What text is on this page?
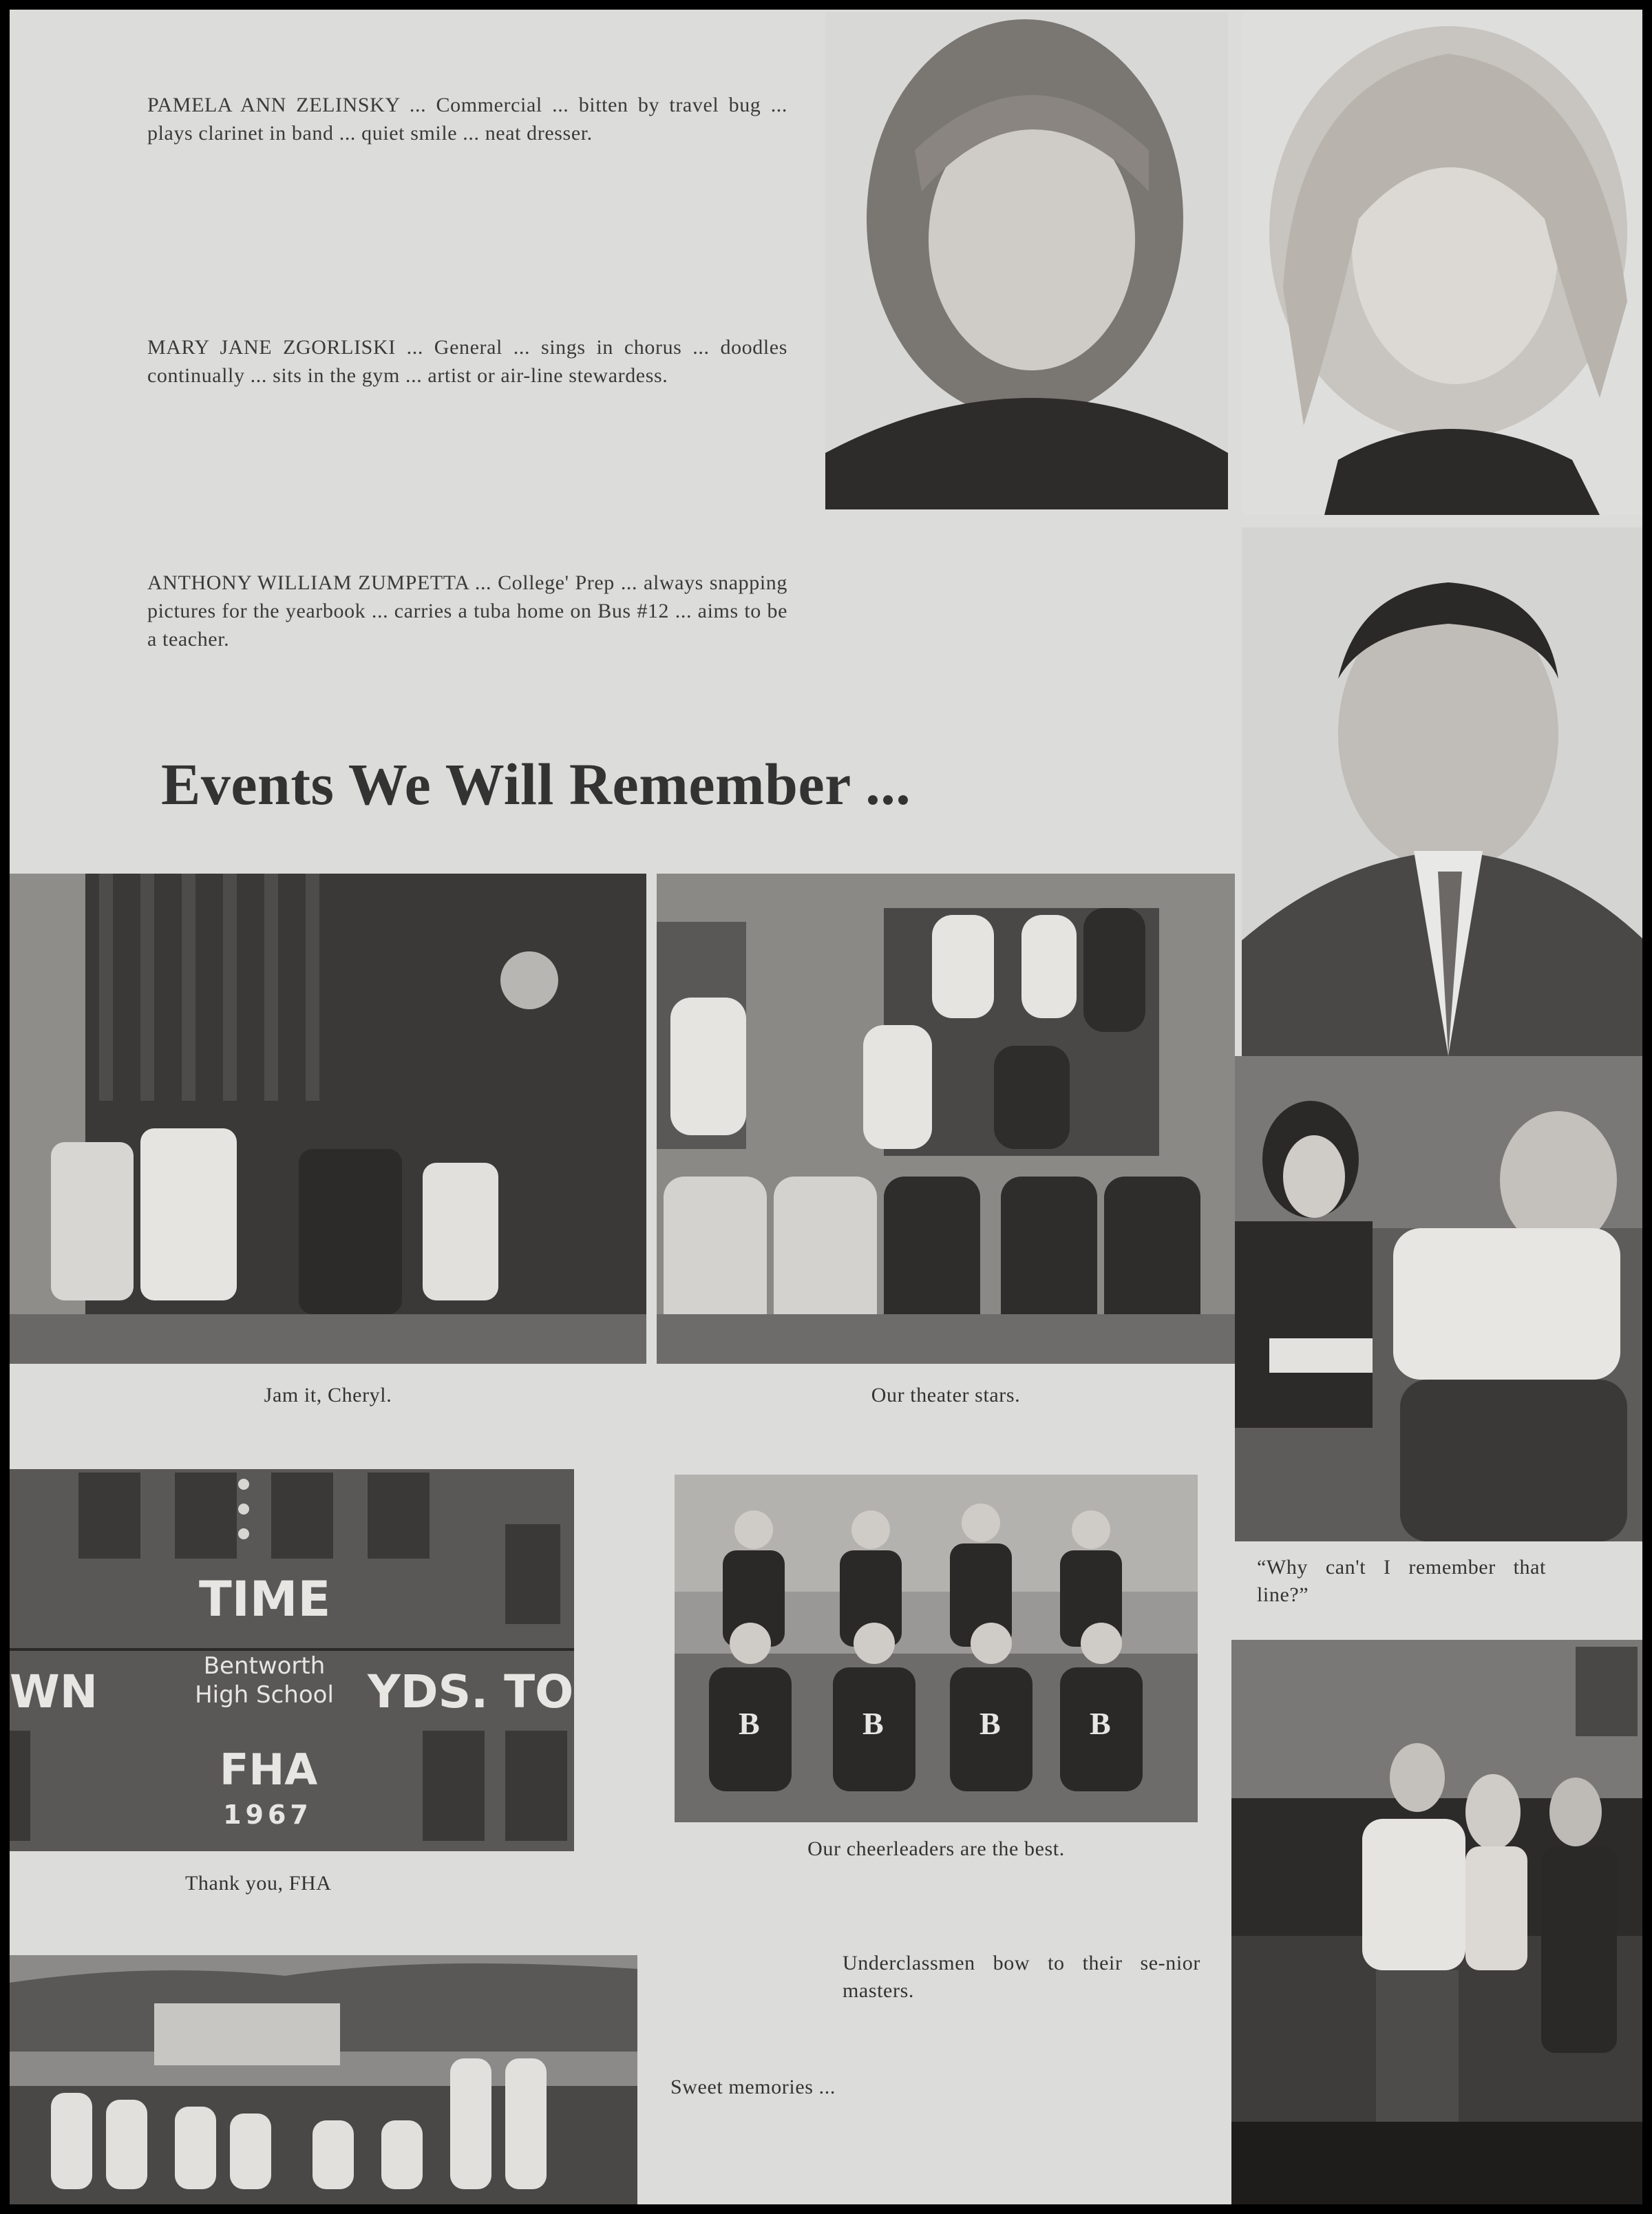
PAMELA ANN ZELINSKY ... Commercial ... bitten by travel bug ... plays clarinet in band ... quiet smile ... neat dresser.

MARY JANE ZGORLISKI ... General ... sings in chorus ... doodles continually ... sits in the gym ... artist or air-line stewardess.

ANTHONY WILLIAM ZUMPETTA ... College' Prep ... always snapping pictures for the yearbook ... carries a tuba home on Bus #12 ... aims to be a teacher.

Events We Will Remember ...
Jam it, Cheryl.	Our theater stars.
“Why can't I remember that line?”
TIME
Bentworth
High School YDS. TO
WN
FHA
1967
Thank you, FHA
B	B	B	B
Our cheerleaders are the best.
Underclassmen bow to their se-nior masters.
Sweet memories ...
